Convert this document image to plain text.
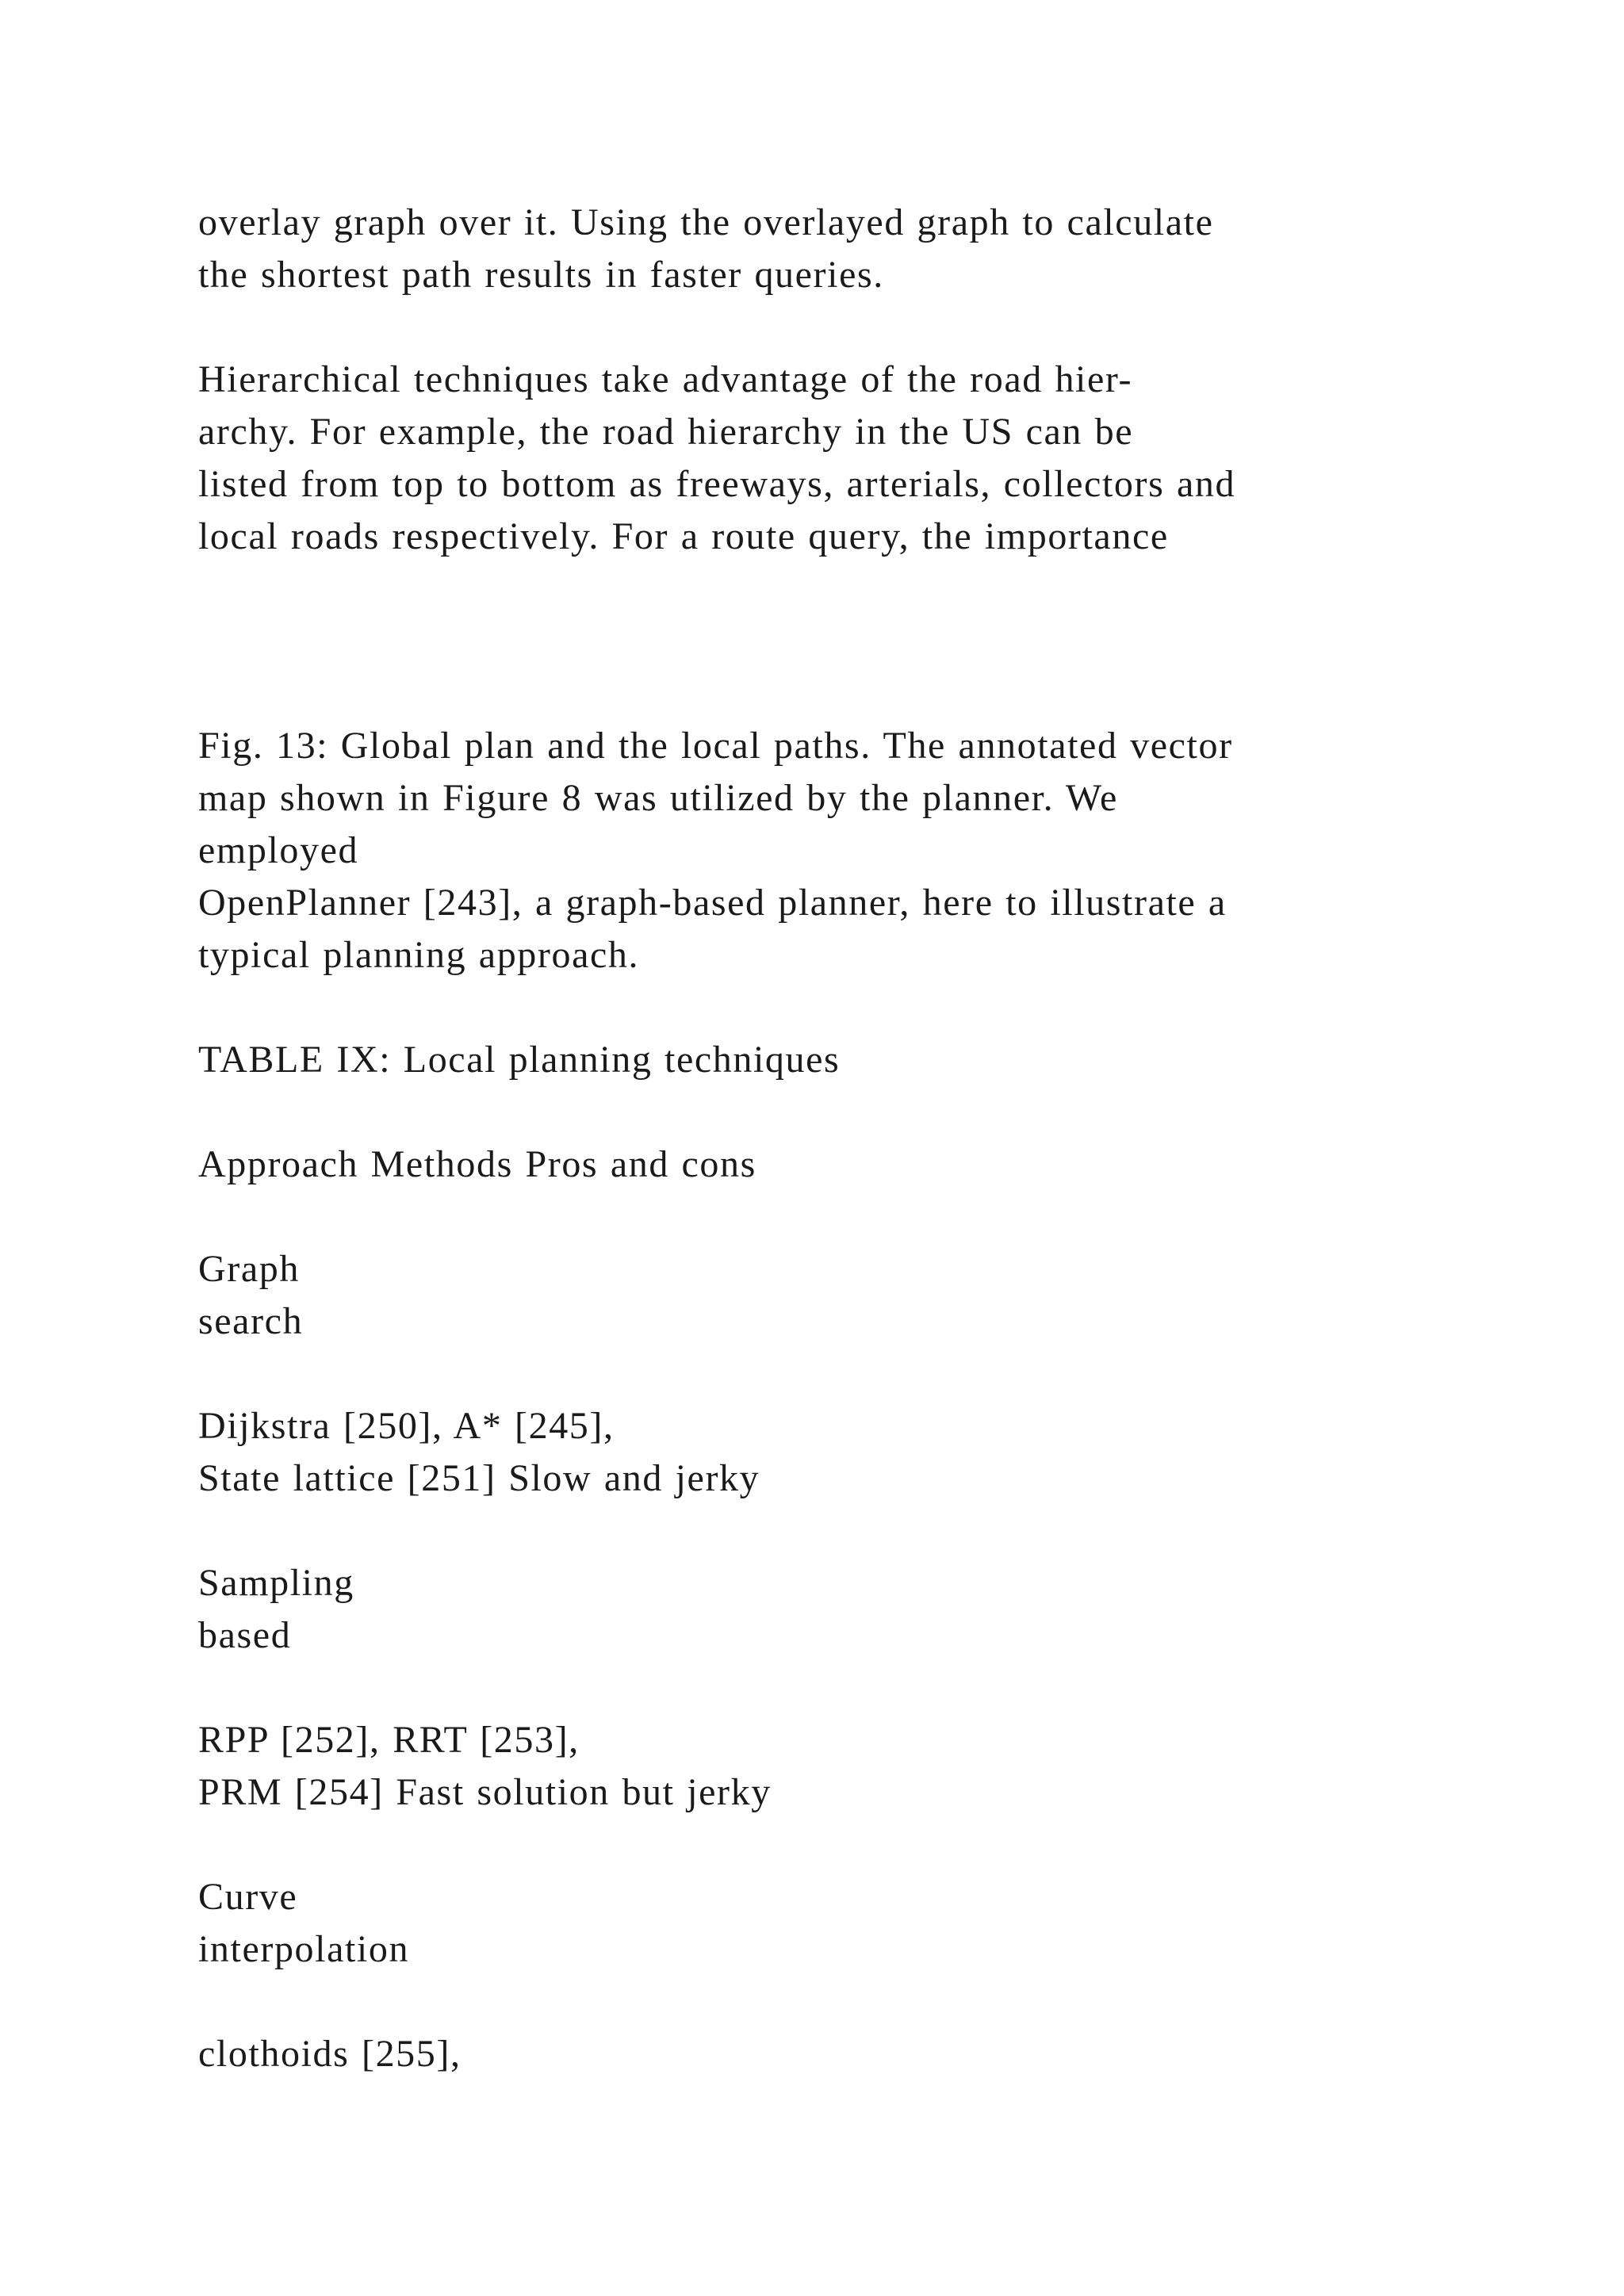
overlay graph over it. Using the overlayed graph to calculate
the shortest path results in faster queries.
Hierarchical techniques take advantage of the road hier-
archy. For example, the road hierarchy in the US can be
listed from top to bottom as freeways, arterials, collectors and
local roads respectively. For a route query, the importance
Fig. 13: Global plan and the local paths. The annotated vector
map shown in Figure 8 was utilized by the planner. We
employed
OpenPlanner [243], a graph-based planner, here to illustrate a
typical planning approach.
TABLE IX: Local planning techniques
Approach Methods Pros and cons
Graph
search
Dijkstra [250], A* [245],
State lattice [251] Slow and jerky
Sampling
based
RPP [252], RRT [253],
PRM [254] Fast solution but jerky
Curve
interpolation
clothoids [255],
